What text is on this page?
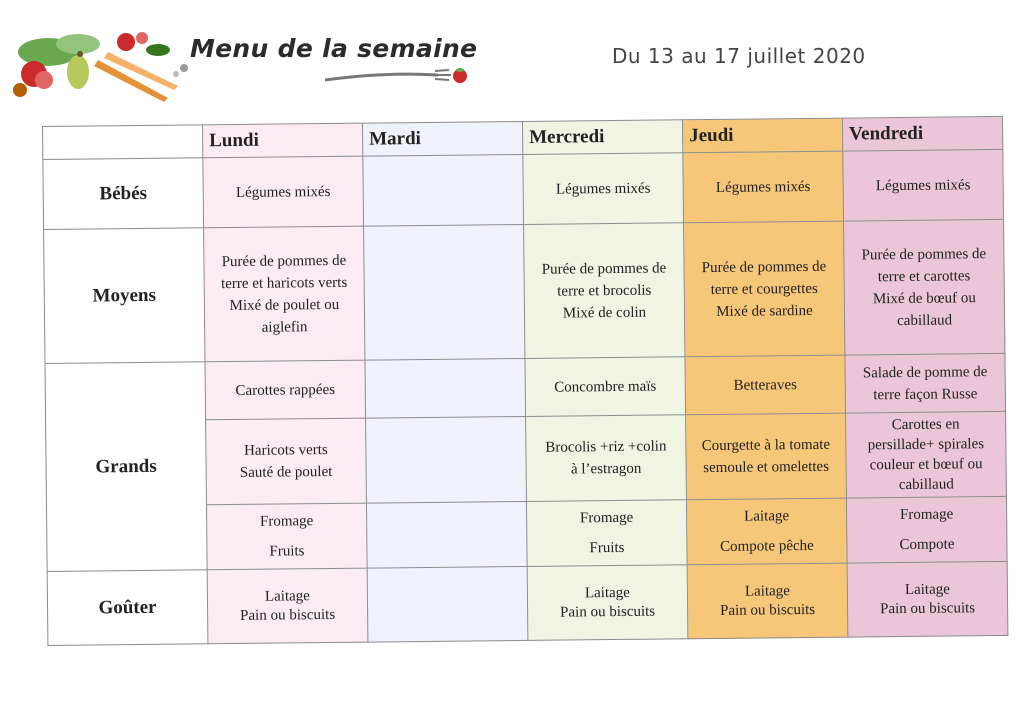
Menu de la semaine	Du 13 au 17 juillet 2020
	Lundi	Mardi	Mercredi	Jeudi	Vendredi
Bébés	Légumes mixés		Légumes mixés	Légumes mixés	Légumes mixés

Moyens	Purée de pommes de
terre et haricots verts
Mixé de poulet ou
aiglefin		Purée de pommes de
terre et brocolis
Mixé de colin	Purée de pommes de
terre et courgettes
Mixé de sardine	Purée de pommes de
terre et carottes
Mixé de bœuf ou
cabillaud

Grands	Carottes rappées		Concombre maïs	Betteraves	Salade de pomme de
terre façon Russe

	Haricots verts
Sauté de poulet		Brocolis +riz +colin
à l’estragon	Courgette à la tomate
semoule et omelettes	Carottes en
persillade+ spirales
couleur et bœuf ou
cabillaud

	Fromage
Fruits		Fromage
Fruits	Laitage
Compote pêche	Fromage
Compote

Goûter	Laitage
Pain ou biscuits		Laitage
Pain ou biscuits	Laitage
Pain ou biscuits	Laitage
Pain ou biscuits
